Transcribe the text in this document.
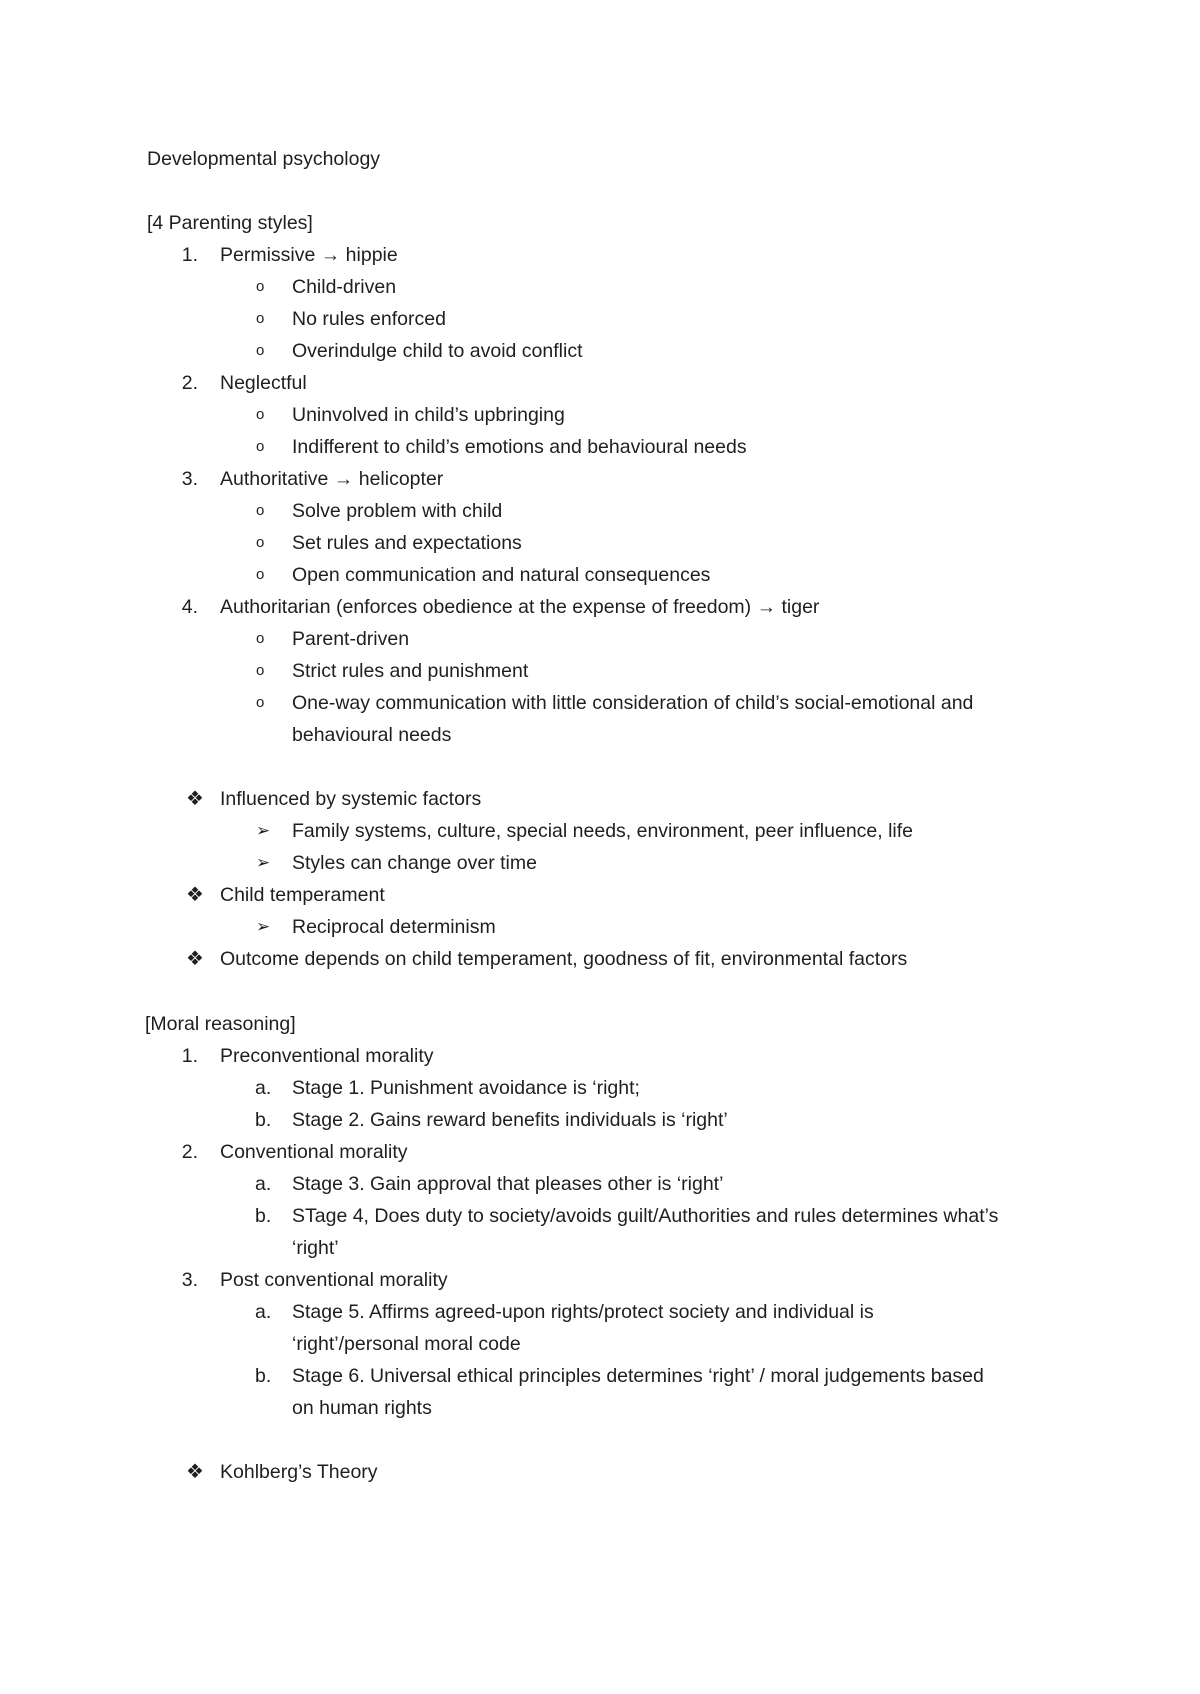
Developmental psychology
[4 Parenting styles]
1. Permissive → hippie
o Child-driven
o No rules enforced
o Overindulge child to avoid conflict
2. Neglectful
o Uninvolved in child’s upbringing
o Indifferent to child’s emotions and behavioural needs
3. Authoritative → helicopter
o Solve problem with child
o Set rules and expectations
o Open communication and natural consequences
4. Authoritarian (enforces obedience at the expense of freedom) → tiger
o Parent-driven
o Strict rules and punishment
o One-way communication with little consideration of child’s social-emotional and
behavioural needs
❖ Influenced by systemic factors
➢ Family systems, culture, special needs, environment, peer influence, life
➢ Styles can change over time
❖ Child temperament
➢ Reciprocal determinism
❖ Outcome depends on child temperament, goodness of fit, environmental factors
[Moral reasoning]
1. Preconventional morality
a. Stage 1. Punishment avoidance is ‘right;
b. Stage 2. Gains reward benefits individuals is ‘right’
2. Conventional morality
a. Stage 3. Gain approval that pleases other is ‘right’
b. STage 4, Does duty to society/avoids guilt/Authorities and rules determines what’s
‘right’
3. Post conventional morality
a. Stage 5. Affirms agreed-upon rights/protect society and individual is
‘right’/personal moral code
b. Stage 6. Universal ethical principles determines ‘right’ / moral judgements based
on human rights
❖ Kohlberg’s Theory
